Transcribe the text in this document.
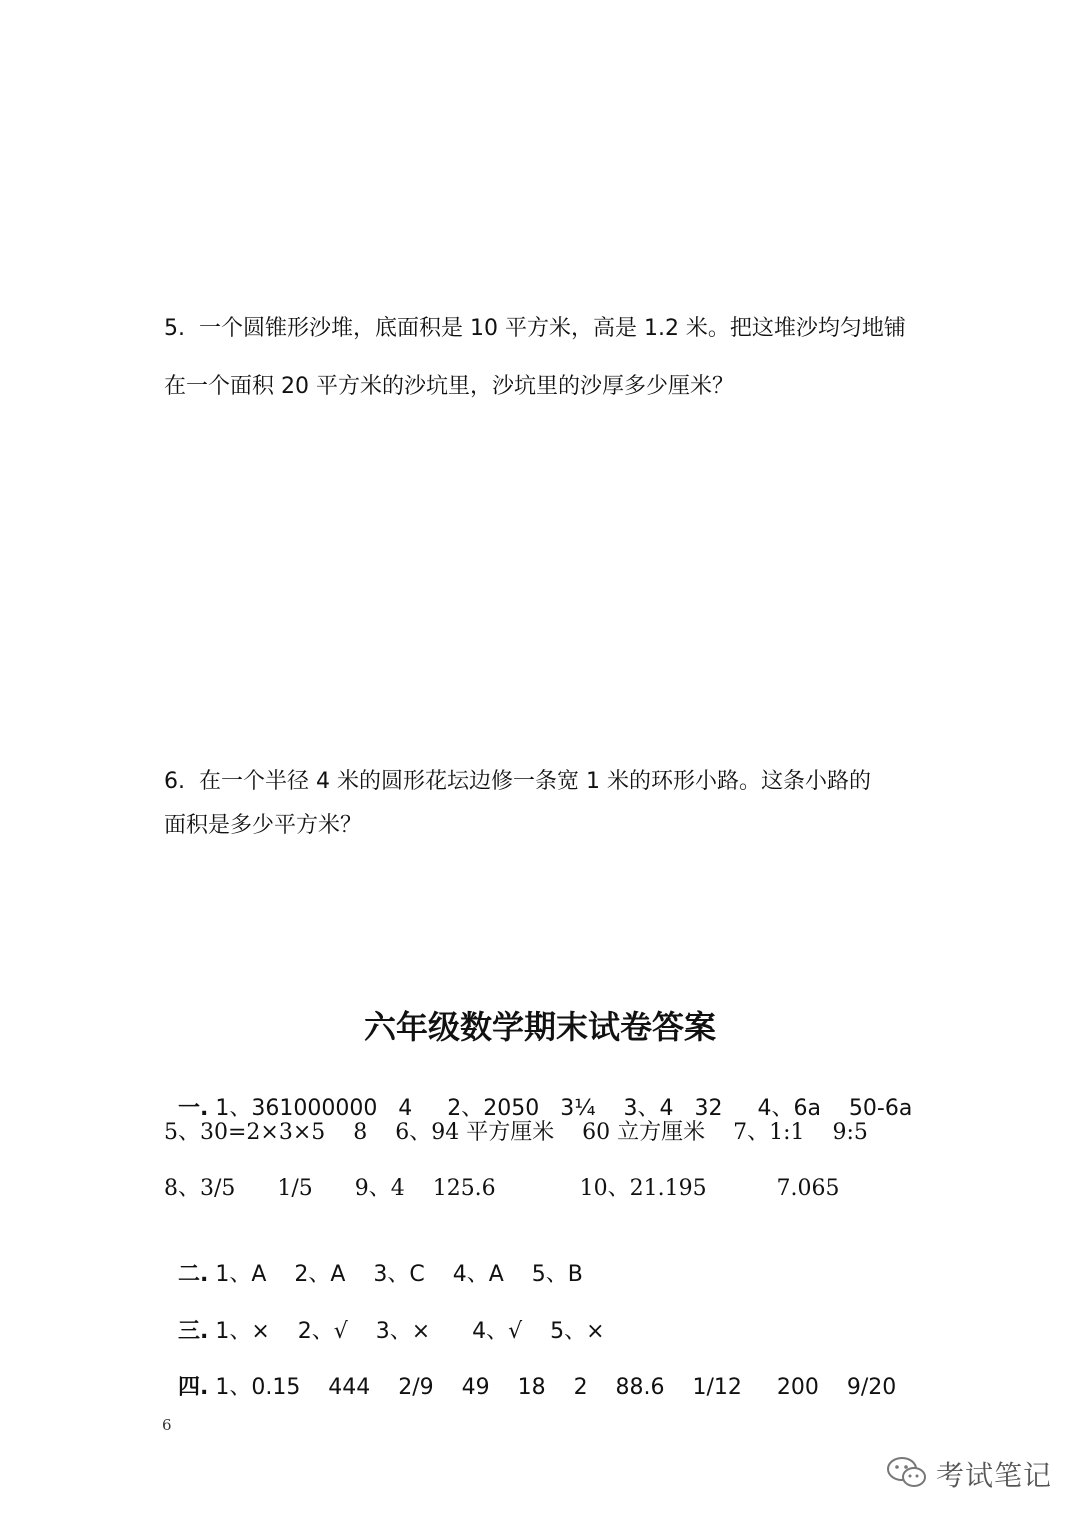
5.  一个圆锥形沙堆，底面积是 10 平方米，高是 1.2 米。把这堆沙均匀地铺
在一个面积 20 平方米的沙坑里，沙坑里的沙厚多少厘米？
6.  在一个半径 4 米的圆形花坛边修一条宽 1 米的环形小路。这条小路的
面积是多少平方米？
六年级数学期末试卷答案

一. 1、361000000   4     2、2050   3¼    3、4   32     4、6a    50-6a

5、30=2×3×5    8    6、94 平方厘米    60 立方厘米    7、1:1    9:5
8、3/5      1/5      9、4    125.6            10、21.195          7.065

二. 1、A    2、A    3、C    4、A    5、B

三. 1、×    2、√    3、×      4、√    5、×

四. 1、0.15    444    2/9    49    18    2    88.6    1/12     200    9/20

6
考试笔记
